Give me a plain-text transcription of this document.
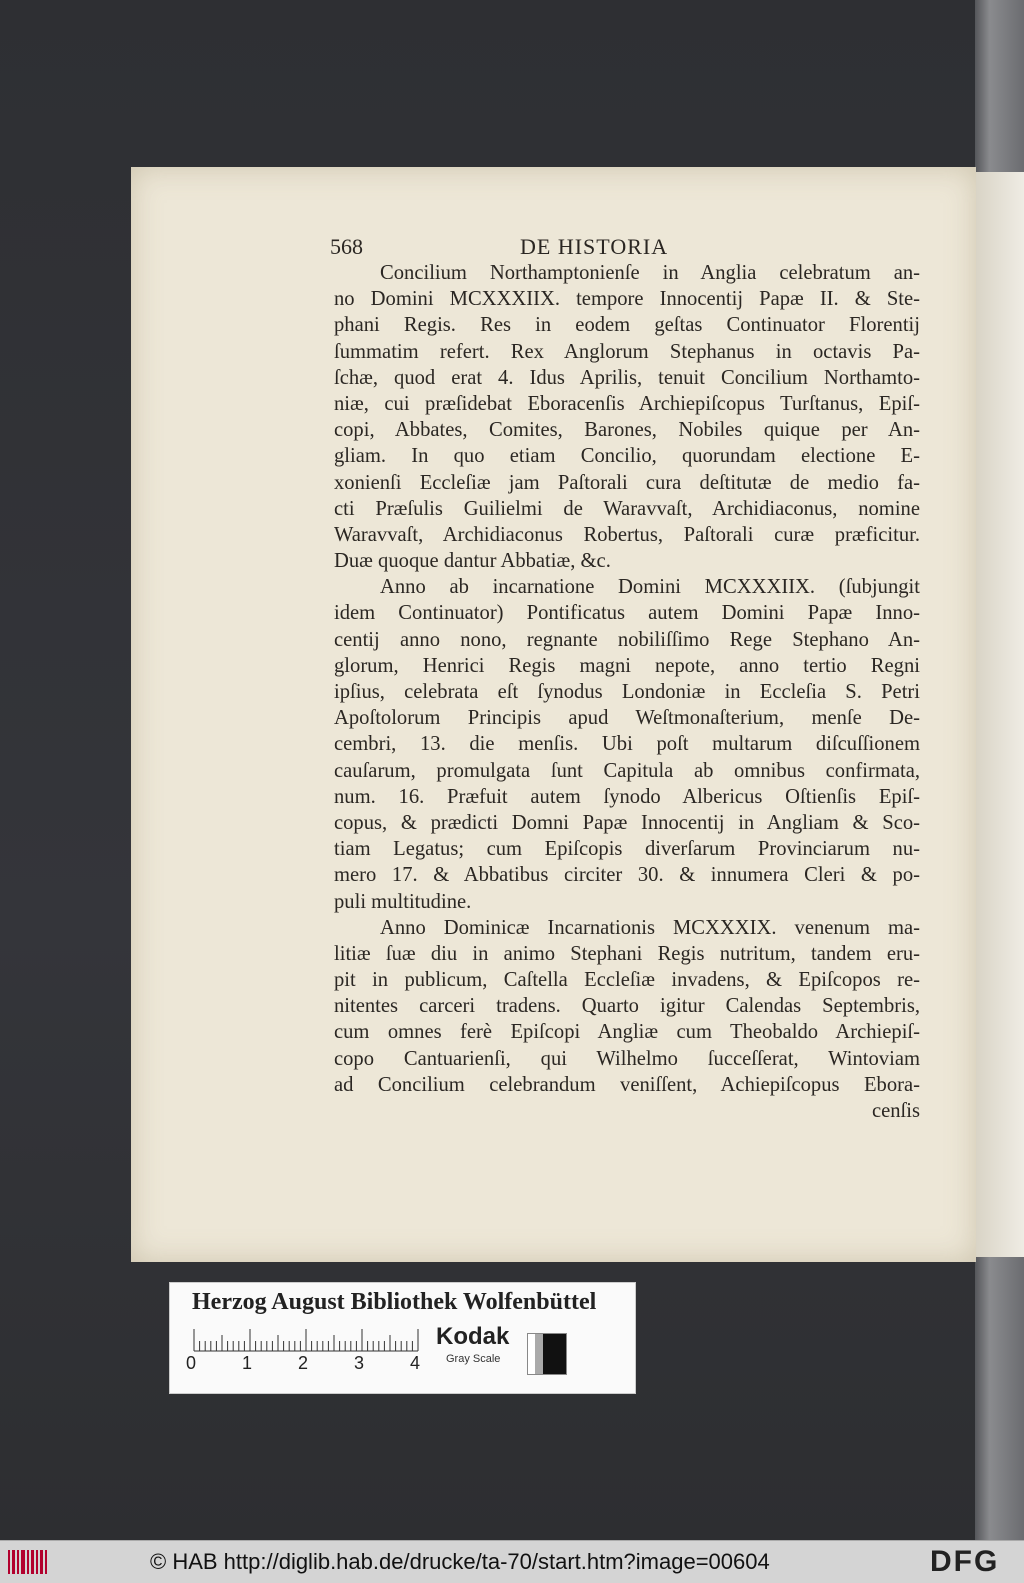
568	DE HISTORIA
Concilium Northamptonienſe in Anglia celebratum an-
no Domini MCXXXIIX. tempore Innocentij Papæ II. & Ste-
phani Regis. Res in eodem geſtas Continuator Florentij
ſummatim refert. Rex Anglorum Stephanus in octavis Pa-
ſchæ, quod erat 4. Idus Aprilis, tenuit Concilium Northamto-
niæ, cui præſidebat Eboracenſis Archiepiſcopus Turſtanus, Epiſ-
copi, Abbates, Comites, Barones, Nobiles quique per An-
gliam. In quo etiam Concilio, quorundam electione E-
xonienſi Eccleſiæ jam Paſtorali cura deſtitutæ de medio fa-
cti Præſulis Guilielmi de Waravvaſt, Archidiaconus, nomine
Waravvaſt, Archidiaconus Robertus, Paſtorali curæ præficitur.
Duæ quoque dantur Abbatiæ, &c.
Anno ab incarnatione Domini MCXXXIIX. (ſubjungit
idem Continuator) Pontificatus autem Domini Papæ Inno-
centij anno nono, regnante nobiliſſimo Rege Stephano An-
glorum, Henrici Regis magni nepote, anno tertio Regni
ipſius, celebrata eſt ſynodus Londoniæ in Eccleſia S. Petri
Apoſtolorum Principis apud Weſtmonaſterium, menſe De-
cembri, 13. die menſis. Ubi poſt multarum diſcuſſionem
cauſarum, promulgata ſunt Capitula ab omnibus confirmata,
num. 16. Præfuit autem ſynodo Albericus Oſtienſis Epiſ-
copus, & prædicti Domni Papæ Innocentij in Angliam & Sco-
tiam Legatus; cum Epiſcopis diverſarum Provinciarum nu-
mero 17. & Abbatibus circiter 30. & innumera Cleri & po-
puli multitudine.
Anno Dominicæ Incarnationis MCXXXIX. venenum ma-
litiæ ſuæ diu in animo Stephani Regis nutritum, tandem eru-
pit in publicum, Caſtella Eccleſiæ invadens, & Epiſcopos re-
nitentes carceri tradens. Quarto igitur Calendas Septembris,
cum omnes ferè Epiſcopi Angliæ cum Theobaldo Archiepiſ-
copo Cantuarienſi, qui Wilhelmo ſucceſſerat, Wintoviam
ad Concilium celebrandum veniſſent, Achiepiſcopus Ebora-
cenſis
Herzog August Bibliothek Wolfenbüttel
0	1	2	3	4
Kodak
Gray Scale
© HAB http://diglib.hab.de/drucke/ta-70/start.htm?image=00604	DFG
